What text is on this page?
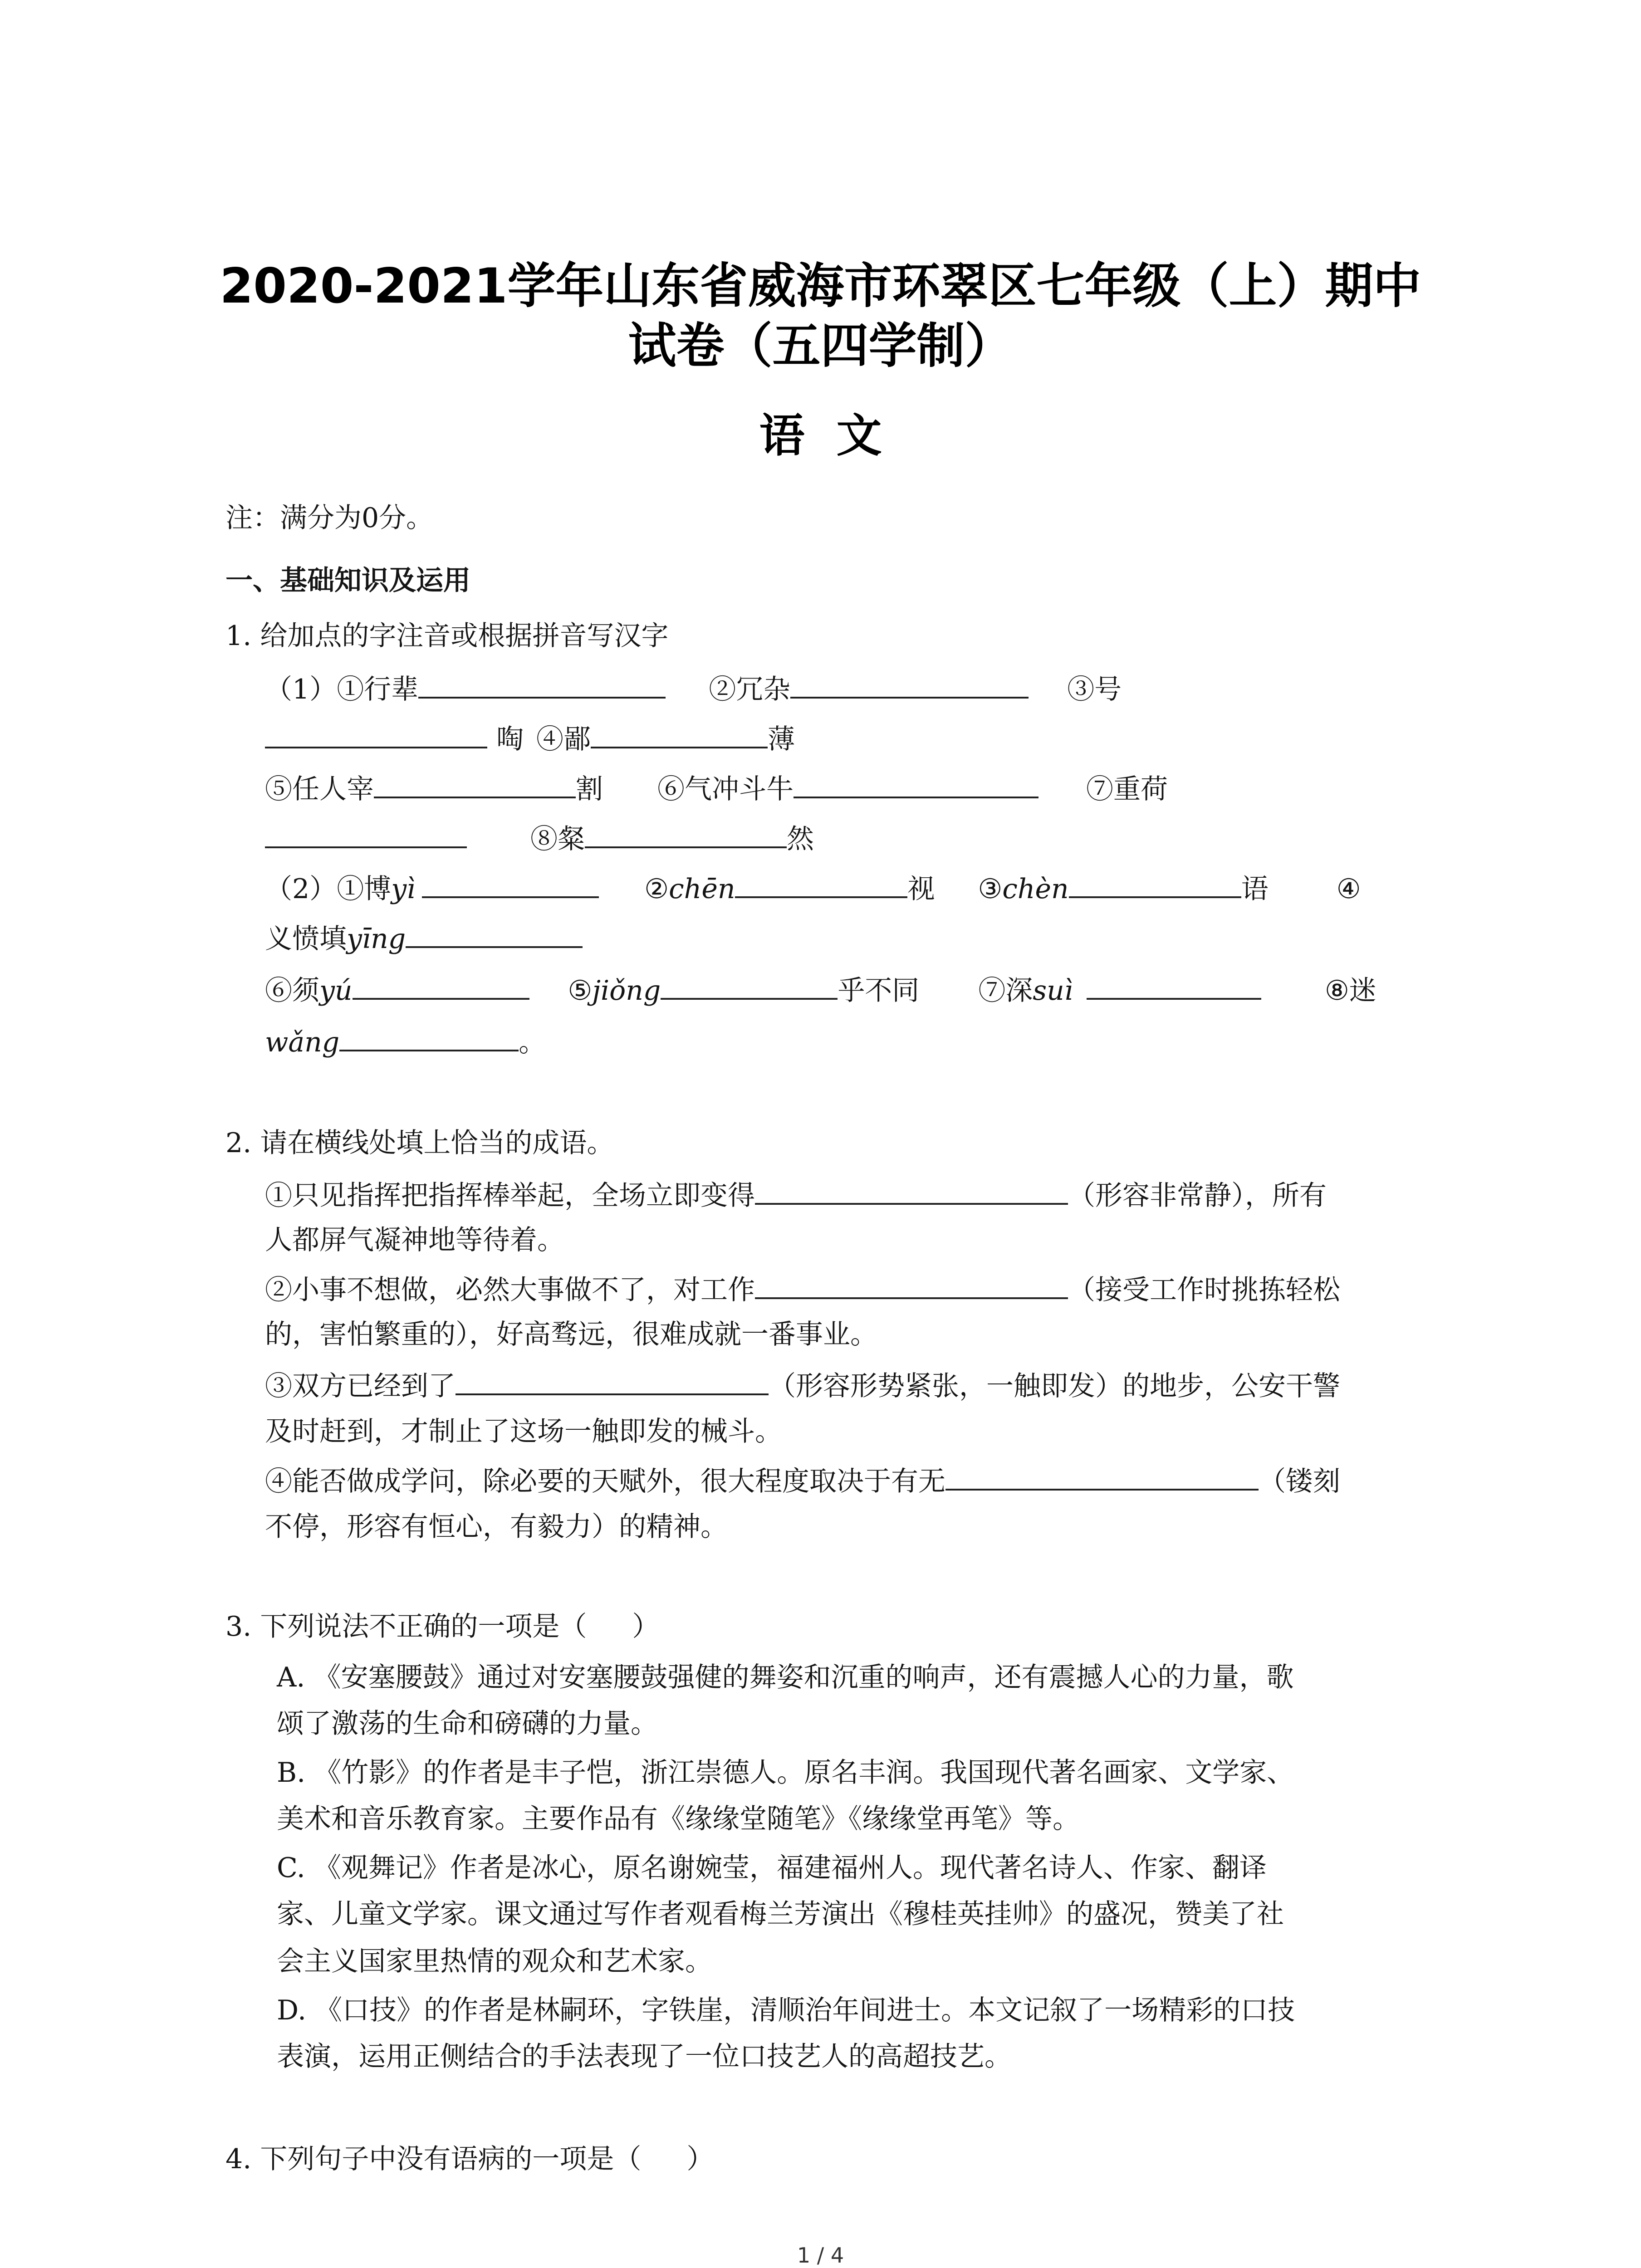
2020-2021学年山东省威海市环翠区七年级（上）期中
试卷（五四学制）
语文
注：满分为0分。
一、基础知识及运用
1. 给加点的字注音或根据拼音写汉字
（1）①行辈	②冗杂	③号
啕 ④鄙	薄
⑤任人宰	割 ⑥气冲斗牛	⑦重荷
⑧粲	然
（2）①博yì	②chēn	视 ③chèn	语	④
义愤填yīng
⑥须yú	⑤jiǒng	乎不同 ⑦深suì	⑧迷
wǎng	。
2. 请在横线处填上恰当的成语。
①只见指挥把指挥棒举起，全场立即变得	（形容非常静），所有
人都屏气凝神地等待着。
②小事不想做，必然大事做不了，对工作	（接受工作时挑拣轻松
的，害怕繁重的），好高骛远，很难成就一番事业。
③双方已经到了	（形容形势紧张，一触即发）的地步，公安干警
及时赶到，才制止了这场一触即发的械斗。
④能否做成学问，除必要的天赋外，很大程度取决于有无	（镂刻
不停，形容有恒心，有毅力）的精神。
3. 下列说法不正确的一项是（ ）
A. 《安塞腰鼓》通过对安塞腰鼓强健的舞姿和沉重的响声，还有震撼人心的力量，歌
颂了激荡的生命和磅礴的力量。
B. 《竹影》的作者是丰子恺，浙江崇德人。原名丰润。我国现代著名画家、文学家、
美术和音乐教育家。主要作品有《缘缘堂随笔》《缘缘堂再笔》等。
C. 《观舞记》作者是冰心，原名谢婉莹，福建福州人。现代著名诗人、作家、翻译
家、儿童文学家。课文通过写作者观看梅兰芳演出《穆桂英挂帅》的盛况，赞美了社
会主义国家里热情的观众和艺术家。
D. 《口技》的作者是林嗣环，字铁崖，清顺治年间进士。本文记叙了一场精彩的口技
表演，运用正侧结合的手法表现了一位口技艺人的高超技艺。
4. 下列句子中没有语病的一项是（ ）
1 / 4
